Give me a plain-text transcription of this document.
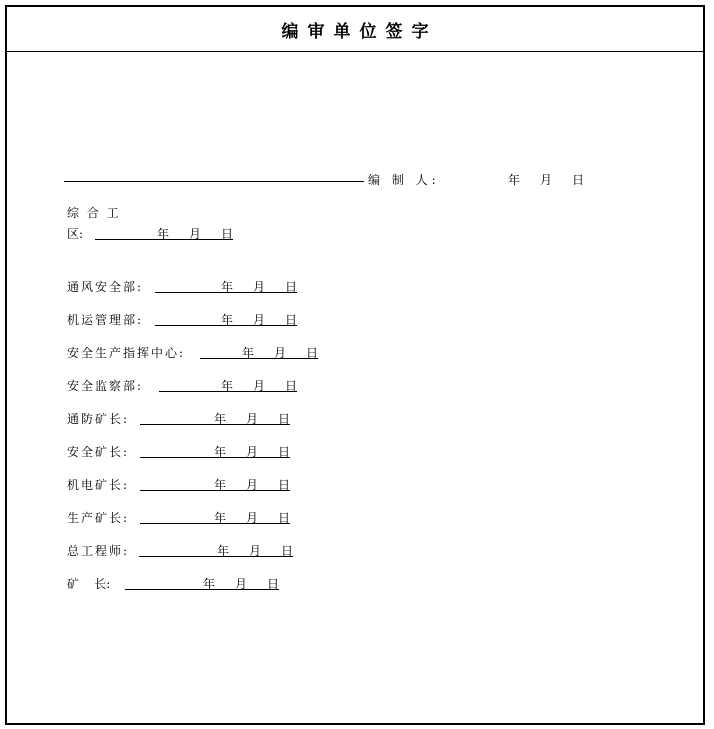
编审单位签字
编 制 人:	年 月 日
综 合 工
区:	年 月 日
通风安全部:	年 月 日
机运管理部:	年 月 日
安全生产指挥中心:	年 月 日
安全监察部:	年 月 日
通防矿长:	年 月 日
安全矿长:	年 月 日
机电矿长:	年 月 日
生产矿长:	年 月 日
总工程师:	年 月 日
矿    长:	年 月 日
